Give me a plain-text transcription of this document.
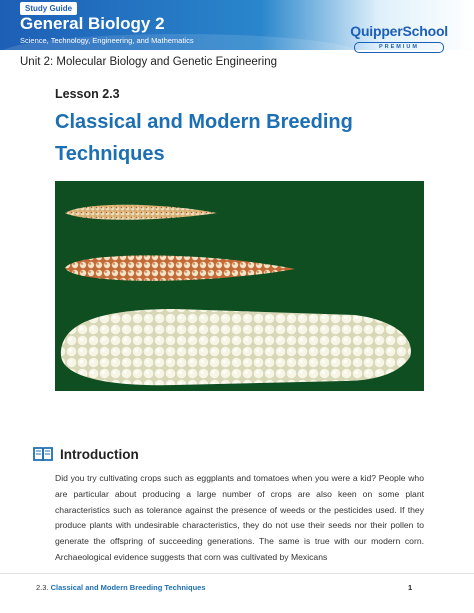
Study Guide
General Biology 2
Science, Technology, Engineering, and Mathematics
QuipperSchool
PREMIUM
Unit 2: Molecular Biology and Genetic Engineering
Lesson 2.3
Classical and Modern Breeding
Techniques
Introduction

Did you try cultivating crops such as eggplants and tomatoes when you were a kid? People who are particular about producing a large number of crops are also keen on some plant characteristics such as tolerance against the presence of weeds or the pesticides used. If they produce plants with undesirable characteristics, they do not use their seeds nor their pollen to generate the offspring of succeeding generations. The same is true with our modern corn. Archaeological evidence suggests that corn was cultivated by Mexicans

2.3. Classical and Modern Breeding Techniques	1
